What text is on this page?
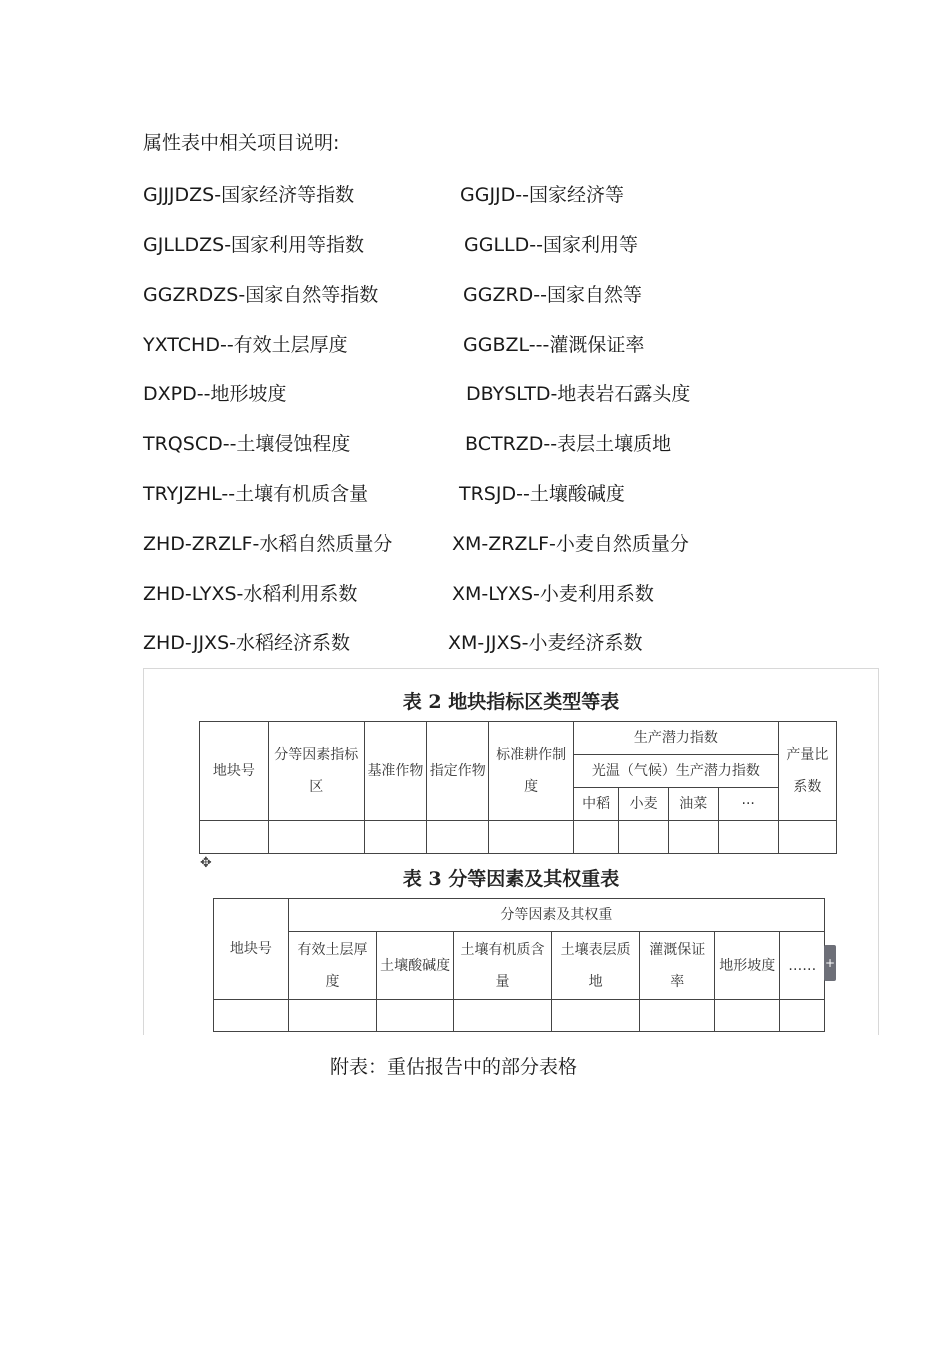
属性表中相关项目说明:
GJJJDZS-国家经济等指数	GGJJD--国家经济等
GJLLDZS-国家利用等指数	GGLLD--国家利用等
GGZRDZS-国家自然等指数	GGZRD--国家自然等
YXTCHD--有效土层厚度	GGBZL---灌溉保证率
DXPD--地形坡度	DBYSLTD-地表岩石露头度
TRQSCD--土壤侵蚀程度	BCTRZD--表层土壤质地
TRYJZHL--土壤有机质含量	TRSJD--土壤酸碱度
ZHD-ZRZLF-水稻自然质量分	XM-ZRZLF-小麦自然质量分
ZHD-LYXS-水稻利用系数	XM-LYXS-小麦利用系数
ZHD-JJXS-水稻经济系数	XM-JJXS-小麦经济系数
表 2 地块指标区类型等表
地块号	分等因素指标区	基准作物	指定作物	标准耕作制度	生产潜力指数				产量比系数
					光温（气候）生产潜力指数				
					中稻	小麦	油菜	···	

表 3 分等因素及其权重表
✥
地块号	分等因素及其权重						
	有效土层厚度	土壤酸碱度	土壤有机质含量	土壤表层质地	灌溉保证率	地形坡度	……
							+
附表：重估报告中的部分表格
